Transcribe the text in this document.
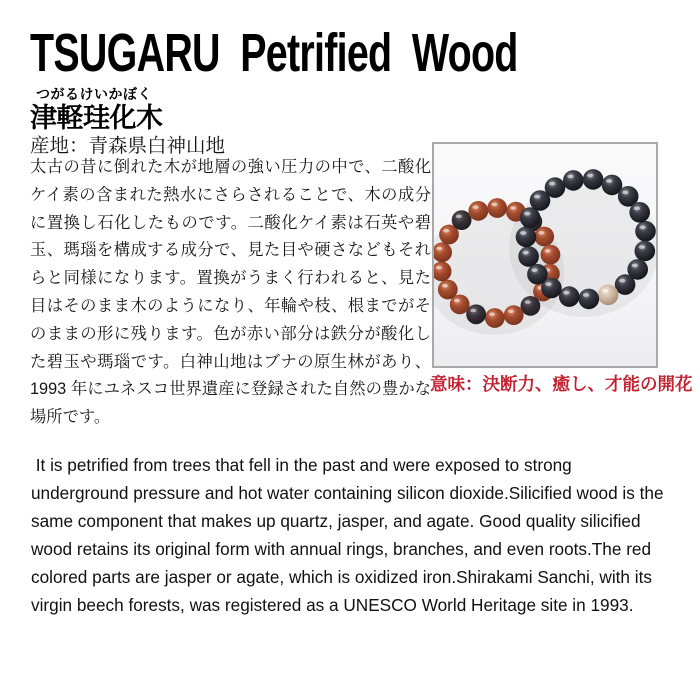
TSUGARU Petrified Wood
つがるけいかぼく
津軽珪化木
産地：青森県白神山地

太古の昔に倒れた木が地層の強い圧力の中で、二酸化ケイ素の含まれた熱水にさらされることで、木の成分に置換し石化したものです。二酸化ケイ素は石英や碧玉、瑪瑙を構成する成分で、見た目や硬さなどもそれらと同様になります。置換がうまく行われると、見た目はそのまま木のようになり、年輪や枝、根までがそのままの形に残ります。色が赤い部分は鉄分が酸化した碧玉や瑪瑙です。白神山地はブナの原生林があり、1993 年にユネスコ世界遺産に登録された自然の豊かな場所です。

意味：決断力、癒し、才能の開花

It is petrified from trees that fell in the past and were exposed to strong underground pressure and hot water containing silicon dioxide.Silicified wood is the same component that makes up quartz, jasper, and agate. Good quality silicified wood retains its original form with annual rings, branches, and even roots.The red colored parts are jasper or agate, which is oxidized iron.Shirakami Sanchi, with its virgin beech forests, was registered as a UNESCO World Heritage site in 1993.
